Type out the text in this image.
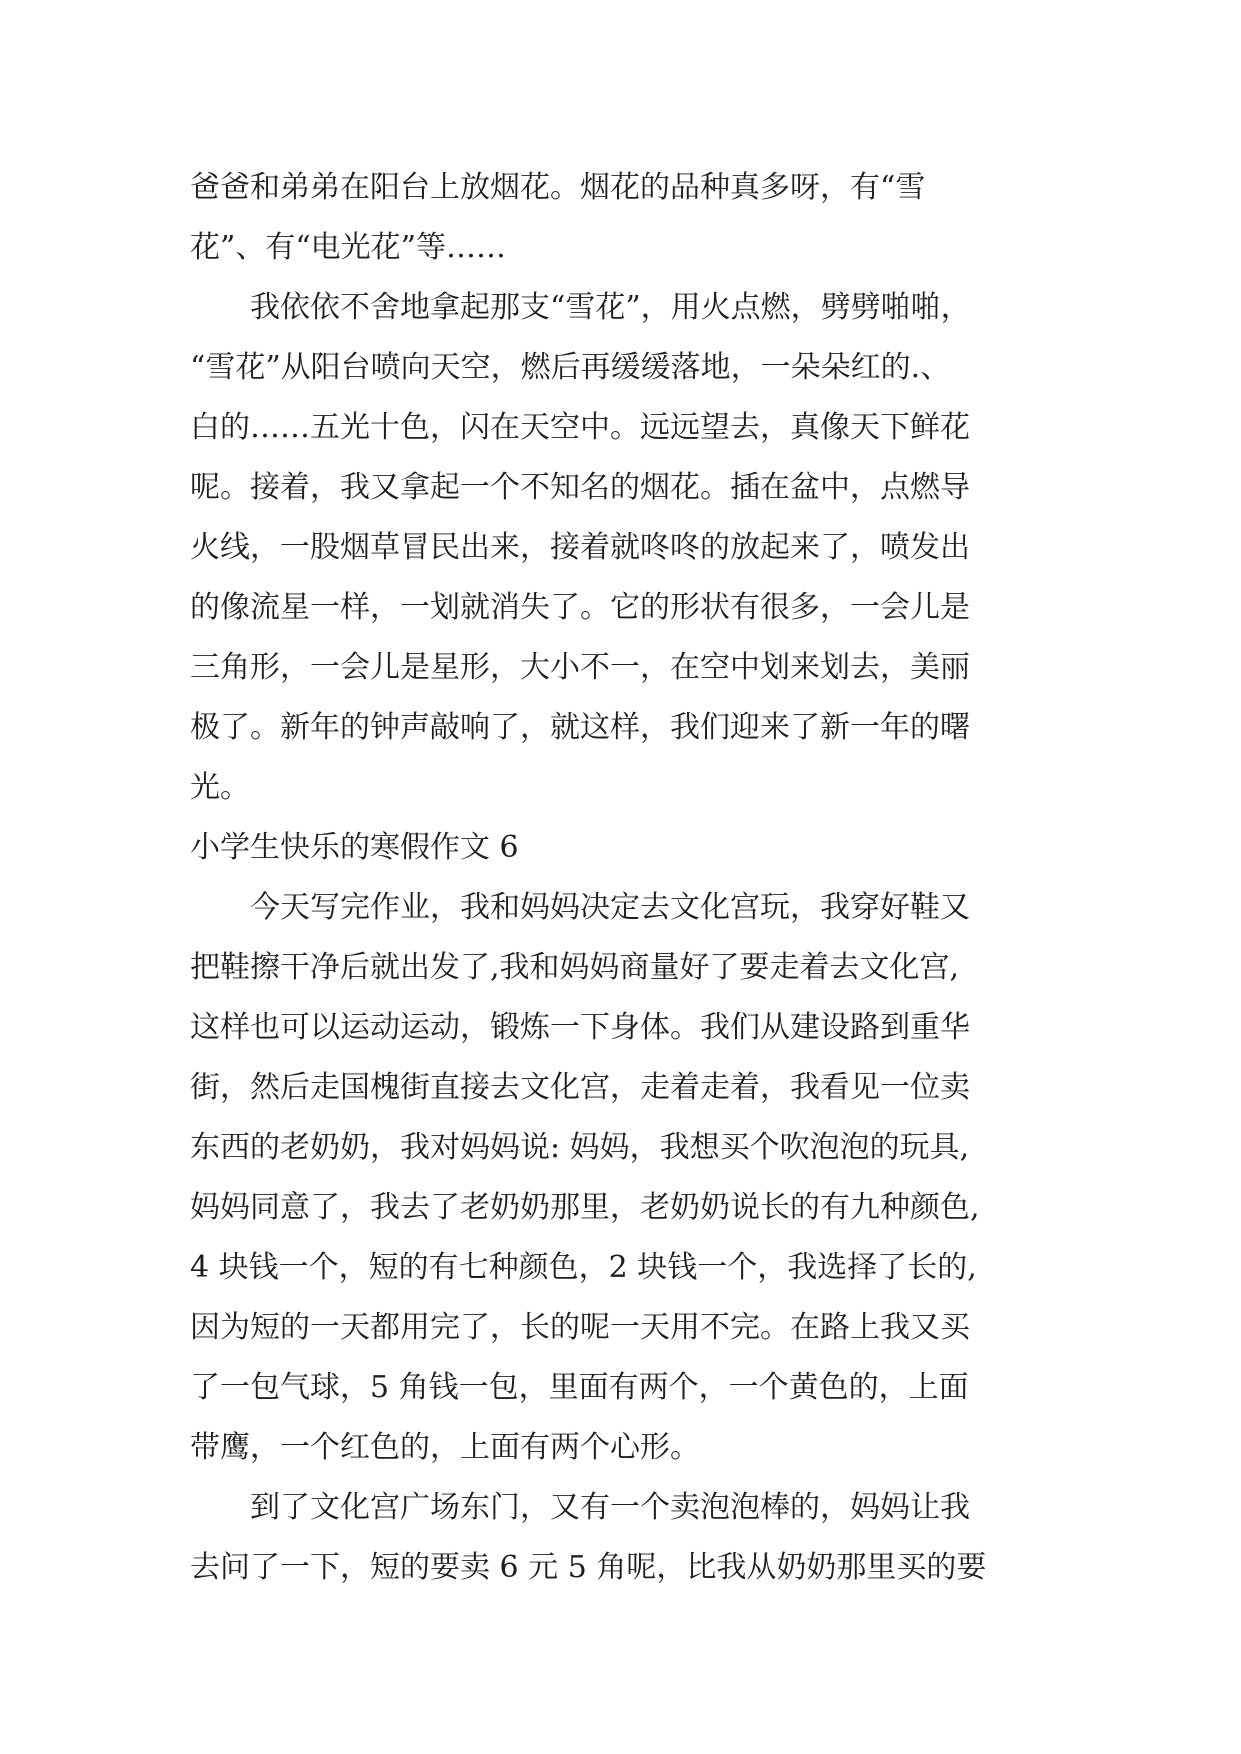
爸爸和弟弟在阳台上放烟花。烟花的品种真多呀，有“雪
花”、有“电光花”等……
　　我依依不舍地拿起那支“雪花”，用火点燃，劈劈啪啪，
“雪花”从阳台喷向天空，燃后再缓缓落地，一朵朵红的.、
白的……五光十色，闪在天空中。远远望去，真像天下鲜花
呢。接着，我又拿起一个不知名的烟花。插在盆中，点燃导
火线，一股烟草冒民出来，接着就咚咚的放起来了，喷发出
的像流星一样，一划就消失了。它的形状有很多，一会儿是
三角形，一会儿是星形，大小不一，在空中划来划去，美丽
极了。新年的钟声敲响了，就这样，我们迎来了新一年的曙
光。
小学生快乐的寒假作文 6
　　今天写完作业，我和妈妈决定去文化宫玩，我穿好鞋又
把鞋擦干净后就出发了,我和妈妈商量好了要走着去文化宫,
这样也可以运动运动，锻炼一下身体。我们从建设路到重华
街，然后走国槐街直接去文化宫，走着走着，我看见一位卖
东西的老奶奶，我对妈妈说: 妈妈，我想买个吹泡泡的玩具,
妈妈同意了，我去了老奶奶那里，老奶奶说长的有九种颜色,
4 块钱一个，短的有七种颜色，2 块钱一个，我选择了长的,
因为短的一天都用完了，长的呢一天用不完。在路上我又买
了一包气球，5 角钱一包，里面有两个，一个黄色的，上面
带鹰，一个红色的，上面有两个心形。
　　到了文化宫广场东门，又有一个卖泡泡棒的，妈妈让我
去问了一下，短的要卖 6 元 5 角呢，比我从奶奶那里买的要
